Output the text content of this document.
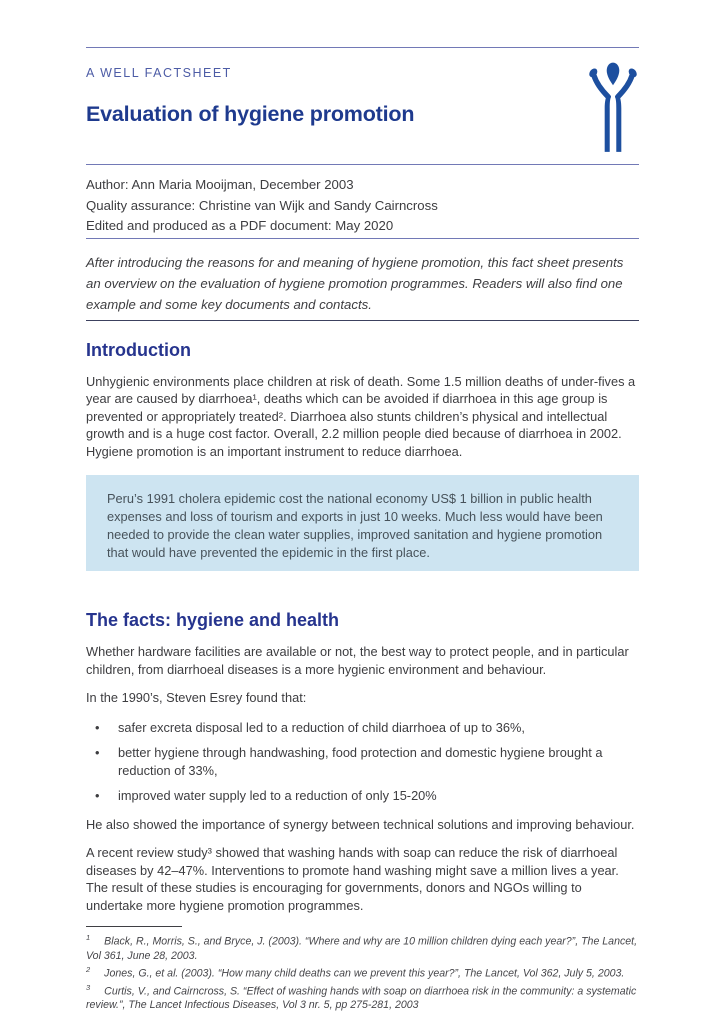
A WELL FACTSHEET
Evaluation of hygiene promotion

Author: Ann Maria Mooijman, December 2003

Quality assurance: Christine van Wijk and Sandy Cairncross

Edited and produced as a PDF document: May 2020

After introducing the reasons for and meaning of hygiene promotion, this fact sheet presents an overview on the evaluation of hygiene promotion programmes. Readers will also find one example and some key documents and contacts.

Introduction

Unhygienic environments place children at risk of death. Some 1.5 million deaths of under-fives a year are caused by diarrhoea¹, deaths which can be avoided if diarrhoea in this age group is prevented or appropriately treated². Diarrhoea also stunts children’s physical and intellectual growth and is a huge cost factor. Overall, 2.2 million people died because of diarrhoea in 2002. Hygiene promotion is an important instrument to reduce diarrhoea.

Peru’s 1991 cholera epidemic cost the national economy US$ 1 billion in public health expenses and loss of tourism and exports in just 10 weeks. Much less would have been needed to provide the clean water supplies, improved sanitation and hygiene promotion that would have prevented the epidemic in the first place.

The facts: hygiene and health

Whether hardware facilities are available or not, the best way to protect people, and in particular children, from diarrhoeal diseases is a more hygienic environment and behaviour.

In the 1990’s, Steven Esrey found that:

• safer excreta disposal led to a reduction of child diarrhoea of up to 36%,
• better hygiene through handwashing, food protection and domestic hygiene brought a reduction of 33%,
• improved water supply led to a reduction of only 15-20%

He also showed the importance of synergy between technical solutions and improving behaviour.

A recent review study³ showed that washing hands with soap can reduce the risk of diarrhoeal diseases by 42–47%. Interventions to promote hand washing might save a million lives a year. The result of these studies is encouraging for governments, donors and NGOs willing to undertake more hygiene promotion programmes.

$^1$ Black, R., Morris, S., and Bryce, J. (2003). “Where and why are 10 million children dying each year?”, The Lancet, Vol 361, June 28, 2003.

$^2$ Jones, G., et al. (2003). “How many child deaths can we prevent this year?”, The Lancet, Vol 362, July 5, 2003.

$^3$ Curtis, V., and Cairncross, S. “Effect of washing hands with soap on diarrhoea risk in the community: a systematic review.”, The Lancet Infectious Diseases, Vol 3 nr. 5, pp 275-281, 2003
